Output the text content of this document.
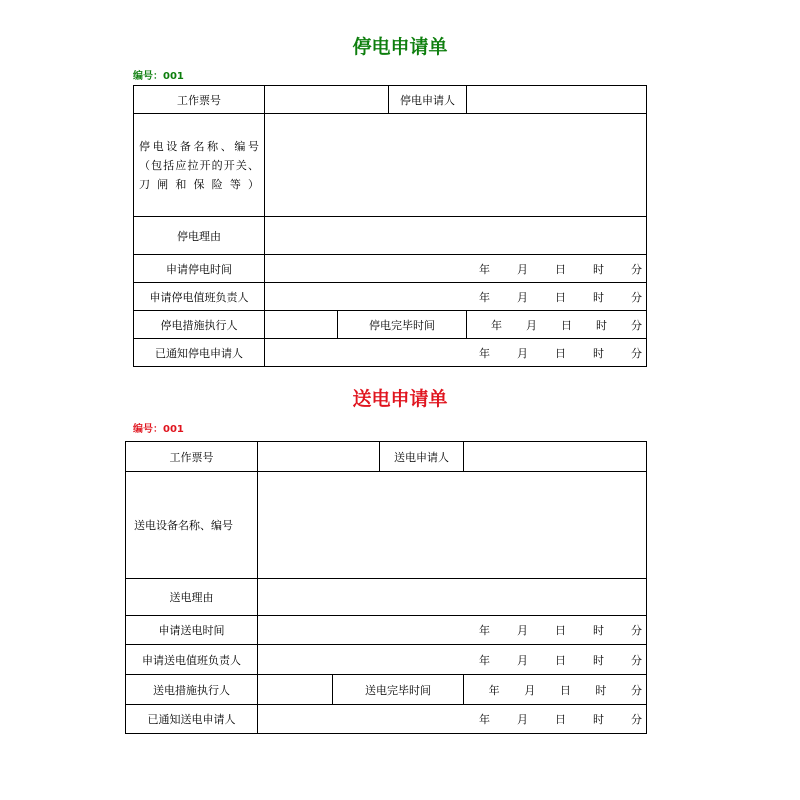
停电申请单
编号：001
工作票号			停电申请人	
停电设备名称、编号（包括应拉开的开关、刀闸和保险等）				
停电理由				
申请停电时间	年 月 日 时 分			

申请停电值班负责人	年 月 日 时 分			

停电措施执行人		停电完毕时间		年 月 日 时 分

已通知停电申请人	年 月 日 时 分			
送电申请单
编号：001
工作票号			送电申请人	
送电设备名称、编号				
送电理由				
申请送电时间	年 月 日 时 分			

申请送电值班负责人	年 月 日 时 分			

送电措施执行人		送电完毕时间		年 月 日 时 分

已通知送电申请人	年 月 日 时 分			
